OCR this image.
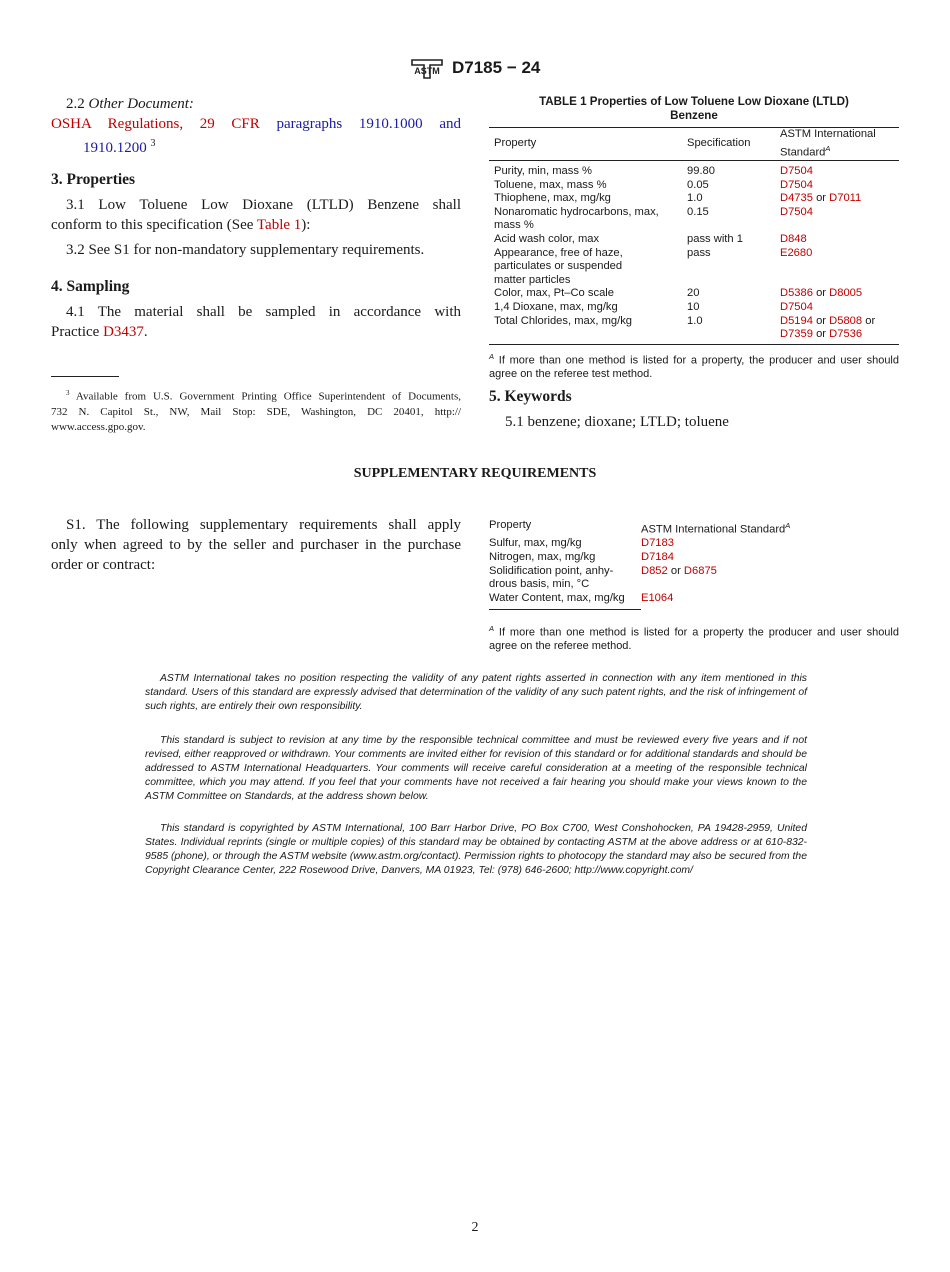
ASTM D7185 − 24
2.2 Other Document:
OSHA Regulations, 29 CFR paragraphs 1910.1000 and
1910.1200 $^3$
3. Properties
3.1 Low Toluene Low Dioxane (LTLD) Benzene shall
conform to this specification (See Table 1):
3.2 See S1 for non-mandatory supplementary requirements.
4. Sampling
4.1 The material shall be sampled in accordance with
Practice D3437.
$^3$ Available from U.S. Government Printing Office Superintendent of Documents,
732 N. Capitol St., NW, Mail Stop: SDE, Washington, DC 20401, http://
www.access.gpo.gov.
TABLE 1 Properties of Low Toluene Low Dioxane (LTLD)
Benzene
Property	Specification	ASTM International
Standard$^A$
Purity, min, mass %	99.80	D7504
Toluene, max, mass %	0.05	D7504
Thiophene, max, mg/kg	1.0	D4735 or D7011
Nonaromatic hydrocarbons, max,
mass %	0.15	D7504
Acid wash color, max	pass with 1	D848
Appearance, free of haze,
particulates or suspended
matter particles	pass	E2680
Color, max, Pt–Co scale	20	D5386 or D8005
1,4 Dioxane, max, mg/kg	10	D7504
Total Chlorides, max, mg/kg	1.0	D5194 or D5808 or
D7359 or D7536
$^A$ If more than one method is listed for a property, the producer and user should
agree on the referee test method.
5. Keywords
5.1 benzene; dioxane; LTLD; toluene
SUPPLEMENTARY REQUIREMENTS
S1. The following supplementary requirements shall apply
only when agreed to by the seller and purchaser in the purchase
order or contract:
Property	ASTM International Standard$^A$
Sulfur, max, mg/kg	D7183
Nitrogen, max, mg/kg	D7184
Solidification point, anhy-
drous basis, min, °C	D852 or D6875
Water Content, max, mg/kg	E1064
$^A$ If more than one method is listed for a property the producer and user should
agree on the referee method.

ASTM International takes no position respecting the validity of any patent rights asserted in connection with any item mentioned in this standard. Users of this standard are expressly advised that determination of the validity of any such patent rights, and the risk of infringement of such rights, are entirely their own responsibility.

This standard is subject to revision at any time by the responsible technical committee and must be reviewed every five years and if not revised, either reapproved or withdrawn. Your comments are invited either for revision of this standard or for additional standards and should be addressed to ASTM International Headquarters. Your comments will receive careful consideration at a meeting of the responsible technical committee, which you may attend. If you feel that your comments have not received a fair hearing you should make your views known to the ASTM Committee on Standards, at the address shown below.

This standard is copyrighted by ASTM International, 100 Barr Harbor Drive, PO Box C700, West Conshohocken, PA 19428-2959, United States. Individual reprints (single or multiple copies) of this standard may be obtained by contacting ASTM at the above address or at 610-832-9585 (phone), or through the ASTM website (www.astm.org/contact). Permission rights to photocopy the standard may also be secured from the Copyright Clearance Center, 222 Rosewood Drive, Danvers, MA 01923, Tel: (978) 646-2600; http://www.copyright.com/

2
